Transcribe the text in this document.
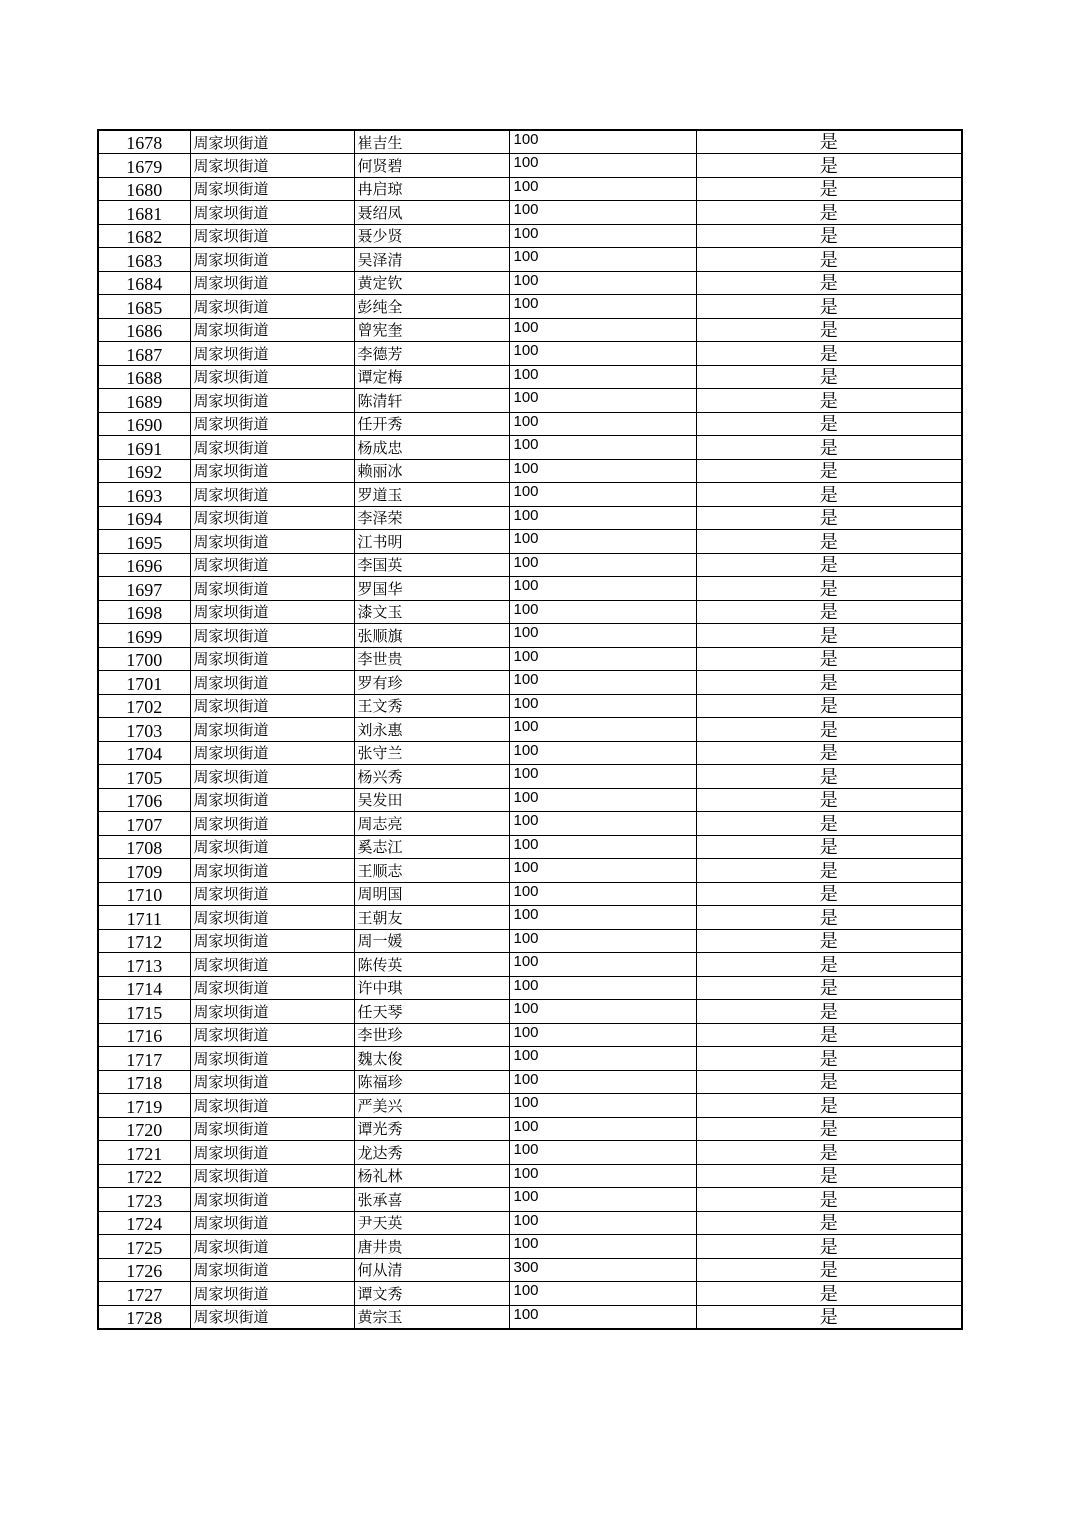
1678	周家坝街道	崔吉生	100	是
1679	周家坝街道	何贤碧	100	是
1680	周家坝街道	冉启琼	100	是
1681	周家坝街道	聂绍凤	100	是
1682	周家坝街道	聂少贤	100	是
1683	周家坝街道	吴泽清	100	是
1684	周家坝街道	黄定钦	100	是
1685	周家坝街道	彭纯全	100	是
1686	周家坝街道	曾宪奎	100	是
1687	周家坝街道	李德芳	100	是
1688	周家坝街道	谭定梅	100	是
1689	周家坝街道	陈清轩	100	是
1690	周家坝街道	任开秀	100	是
1691	周家坝街道	杨成忠	100	是
1692	周家坝街道	赖丽冰	100	是
1693	周家坝街道	罗道玉	100	是
1694	周家坝街道	李泽荣	100	是
1695	周家坝街道	江书明	100	是
1696	周家坝街道	李国英	100	是
1697	周家坝街道	罗国华	100	是
1698	周家坝街道	漆文玉	100	是
1699	周家坝街道	张顺旗	100	是
1700	周家坝街道	李世贵	100	是
1701	周家坝街道	罗有珍	100	是
1702	周家坝街道	王文秀	100	是
1703	周家坝街道	刘永惠	100	是
1704	周家坝街道	张守兰	100	是
1705	周家坝街道	杨兴秀	100	是
1706	周家坝街道	吴发田	100	是
1707	周家坝街道	周志亮	100	是
1708	周家坝街道	奚志江	100	是
1709	周家坝街道	王顺志	100	是
1710	周家坝街道	周明国	100	是
1711	周家坝街道	王朝友	100	是
1712	周家坝街道	周一媛	100	是
1713	周家坝街道	陈传英	100	是
1714	周家坝街道	许中琪	100	是
1715	周家坝街道	任天琴	100	是
1716	周家坝街道	李世珍	100	是
1717	周家坝街道	魏太俊	100	是
1718	周家坝街道	陈福珍	100	是
1719	周家坝街道	严美兴	100	是
1720	周家坝街道	谭光秀	100	是
1721	周家坝街道	龙达秀	100	是
1722	周家坝街道	杨礼林	100	是
1723	周家坝街道	张承喜	100	是
1724	周家坝街道	尹天英	100	是
1725	周家坝街道	唐井贵	100	是
1726	周家坝街道	何从清	300	是
1727	周家坝街道	谭文秀	100	是
1728	周家坝街道	黄宗玉	100	是
